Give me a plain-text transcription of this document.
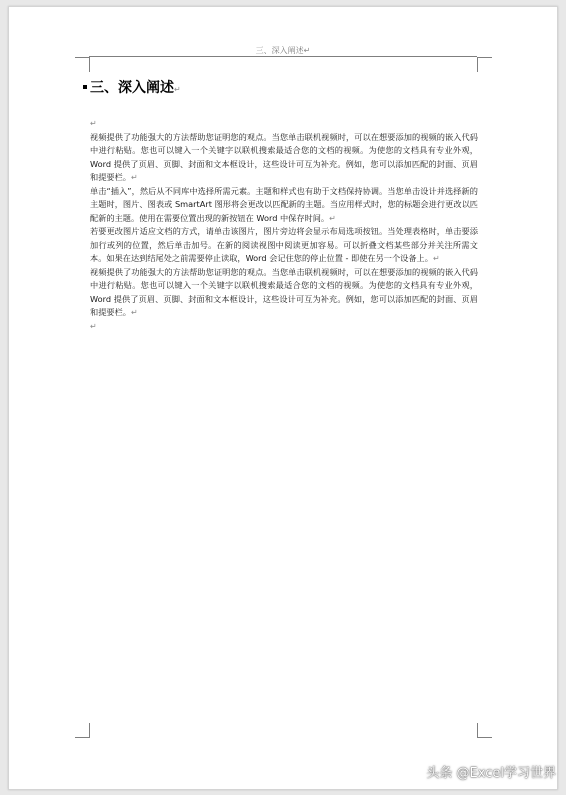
三、深入阐述↵
三、深入阐述↵
↵

视频提供了功能强大的方法帮助您证明您的观点。当您单击联机视频时，可以在想要添加的视频的嵌入代码中进行粘贴。您也可以键入一个关键字以联机搜索最适合您的文档的视频。为使您的文档具有专业外观，Word 提供了页眉、页脚、封面和文本框设计，这些设计可互为补充。例如，您可以添加匹配的封面、页眉和提要栏。↵

单击“插入”，然后从不同库中选择所需元素。主题和样式也有助于文档保持协调。当您单击设计并选择新的主题时，图片、图表或 SmartArt 图形将会更改以匹配新的主题。当应用样式时，您的标题会进行更改以匹配新的主题。使用在需要位置出现的新按钮在 Word 中保存时间。↵

若要更改图片适应文档的方式，请单击该图片，图片旁边将会显示布局选项按钮。当处理表格时，单击要添加行或列的位置，然后单击加号。在新的阅读视图中阅读更加容易。可以折叠文档某些部分并关注所需文本。如果在达到结尾处之前需要停止读取，Word 会记住您的停止位置 - 即使在另一个设备上。↵

视频提供了功能强大的方法帮助您证明您的观点。当您单击联机视频时，可以在想要添加的视频的嵌入代码中进行粘贴。您也可以键入一个关键字以联机搜索最适合您的文档的视频。为使您的文档具有专业外观，Word 提供了页眉、页脚、封面和文本框设计，这些设计可互为补充。例如，您可以添加匹配的封面、页眉和提要栏。↵

↵
头条 @Excel学习世界
